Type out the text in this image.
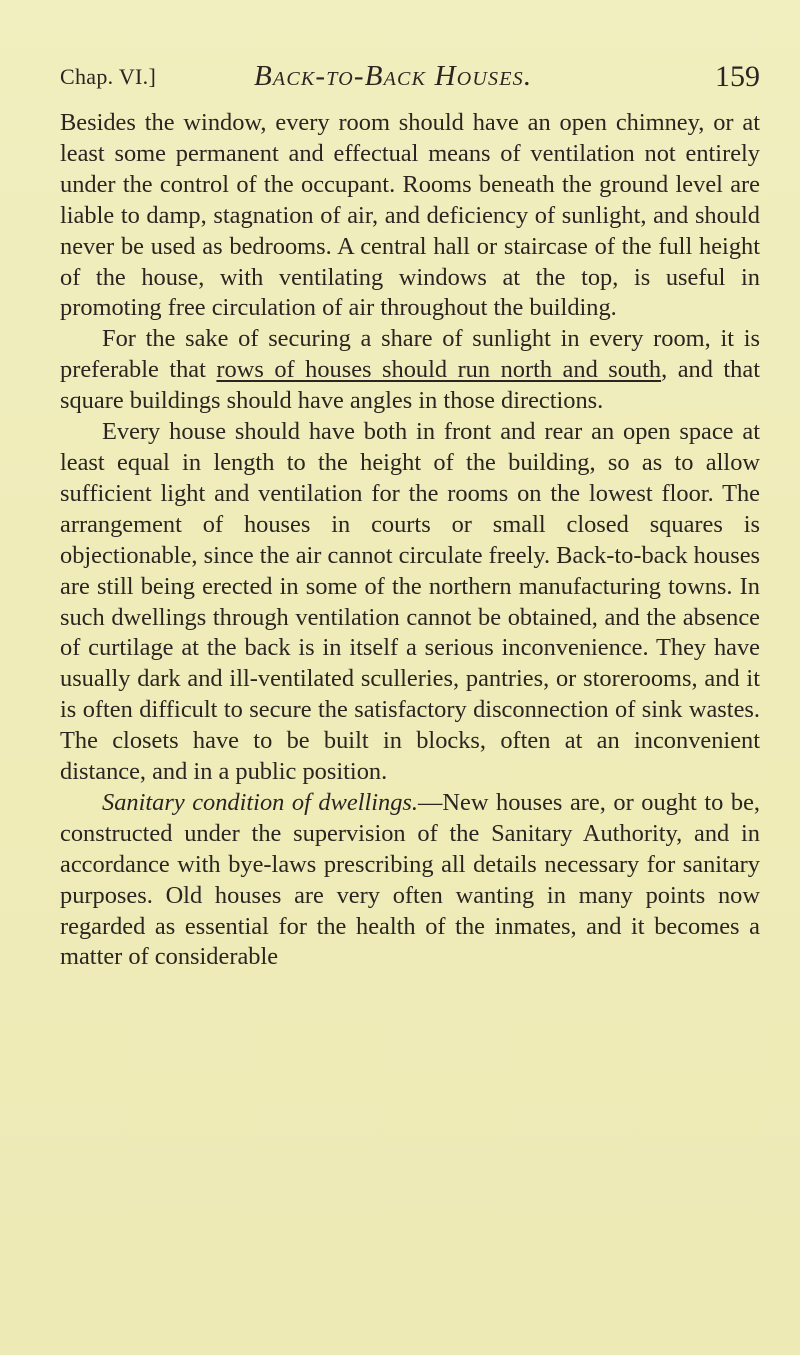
Chap. VI.]	Back-to-Back Houses.	159

Besides the window, every room should have an open chimney, or at least some permanent and effectual means of ventilation not entirely under the control of the occupant. Rooms beneath the ground level are liable to damp, stagnation of air, and deficiency of sunlight, and should never be used as bedrooms. A central hall or staircase of the full height of the house, with ventilating windows at the top, is useful in promoting free circulation of air throughout the building.

For the sake of securing a share of sunlight in every room, it is preferable that rows of houses should run north and south, and that square buildings should have angles in those directions.

Every house should have both in front and rear an open space at least equal in length to the height of the building, so as to allow sufficient light and ventilation for the rooms on the lowest floor. The arrangement of houses in courts or small closed squares is objectionable, since the air cannot circulate freely. Back-to-back houses are still being erected in some of the northern manufacturing towns. In such dwellings through ventilation cannot be obtained, and the absence of curtilage at the back is in itself a serious inconvenience. They have usually dark and ill-ventilated sculleries, pantries, or storerooms, and it is often difficult to secure the satisfactory disconnection of sink wastes. The closets have to be built in blocks, often at an inconvenient distance, and in a public position.

Sanitary condition of dwellings.—New houses are, or ought to be, constructed under the supervision of the Sanitary Authority, and in accordance with bye-laws prescribing all details necessary for sanitary purposes. Old houses are very often wanting in many points now regarded as essential for the health of the inmates, and it becomes a matter of considerable
